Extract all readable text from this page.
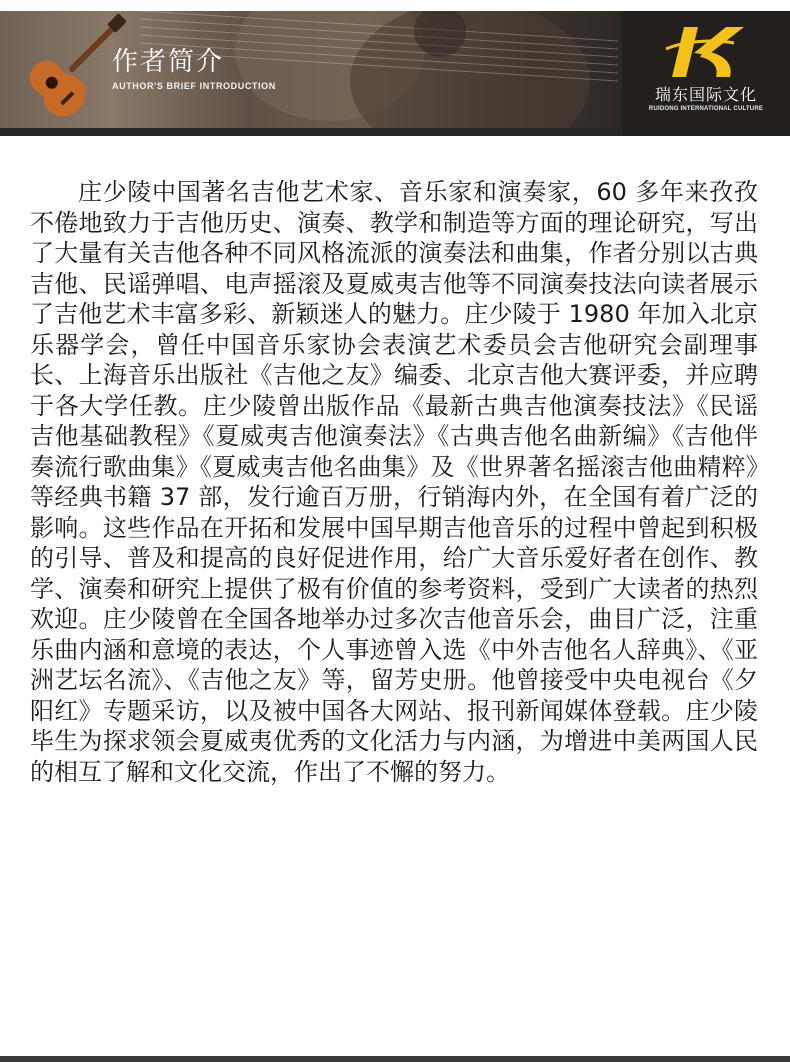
作者简介
AUTHOR'S BRIEF INTRODUCTION	瑞东国际文化
RUIDONG INTERNATIONAL CULTURE

庄少陵中国著名吉他艺术家、音乐家和演奏家，60 多年来孜孜不倦地致力于吉他历史、演奏、教学和制造等方面的理论研究，写出了大量有关吉他各种不同风格流派的演奏法和曲集，作者分别以古典吉他、民谣弹唱、电声摇滚及夏威夷吉他等不同演奏技法向读者展示了吉他艺术丰富多彩、新颖迷人的魅力。庄少陵于 1980 年加入北京乐器学会，曾任中国音乐家协会表演艺术委员会吉他研究会副理事长、上海音乐出版社《吉他之友》编委、北京吉他大赛评委，并应聘于各大学任教。庄少陵曾出版作品《最新古典吉他演奏技法》《民谣吉他基础教程》《夏威夷吉他演奏法》《古典吉他名曲新编》《吉他伴奏流行歌曲集》《夏威夷吉他名曲集》及《世界著名摇滚吉他曲精粹》等经典书籍 37 部，发行逾百万册，行销海内外，在全国有着广泛的影响。这些作品在开拓和发展中国早期吉他音乐的过程中曾起到积极的引导、普及和提高的良好促进作用，给广大音乐爱好者在创作、教学、演奏和研究上提供了极有价值的参考资料，受到广大读者的热烈欢迎。庄少陵曾在全国各地举办过多次吉他音乐会，曲目广泛，注重乐曲内涵和意境的表达，个人事迹曾入选《中外吉他名人辞典》、《亚洲艺坛名流》、《吉他之友》等，留芳史册。他曾接受中央电视台《夕阳红》专题采访，以及被中国各大网站、报刊新闻媒体登载。庄少陵毕生为探求领会夏威夷优秀的文化活力与内涵，为增进中美两国人民的相互了解和文化交流，作出了不懈的努力。
